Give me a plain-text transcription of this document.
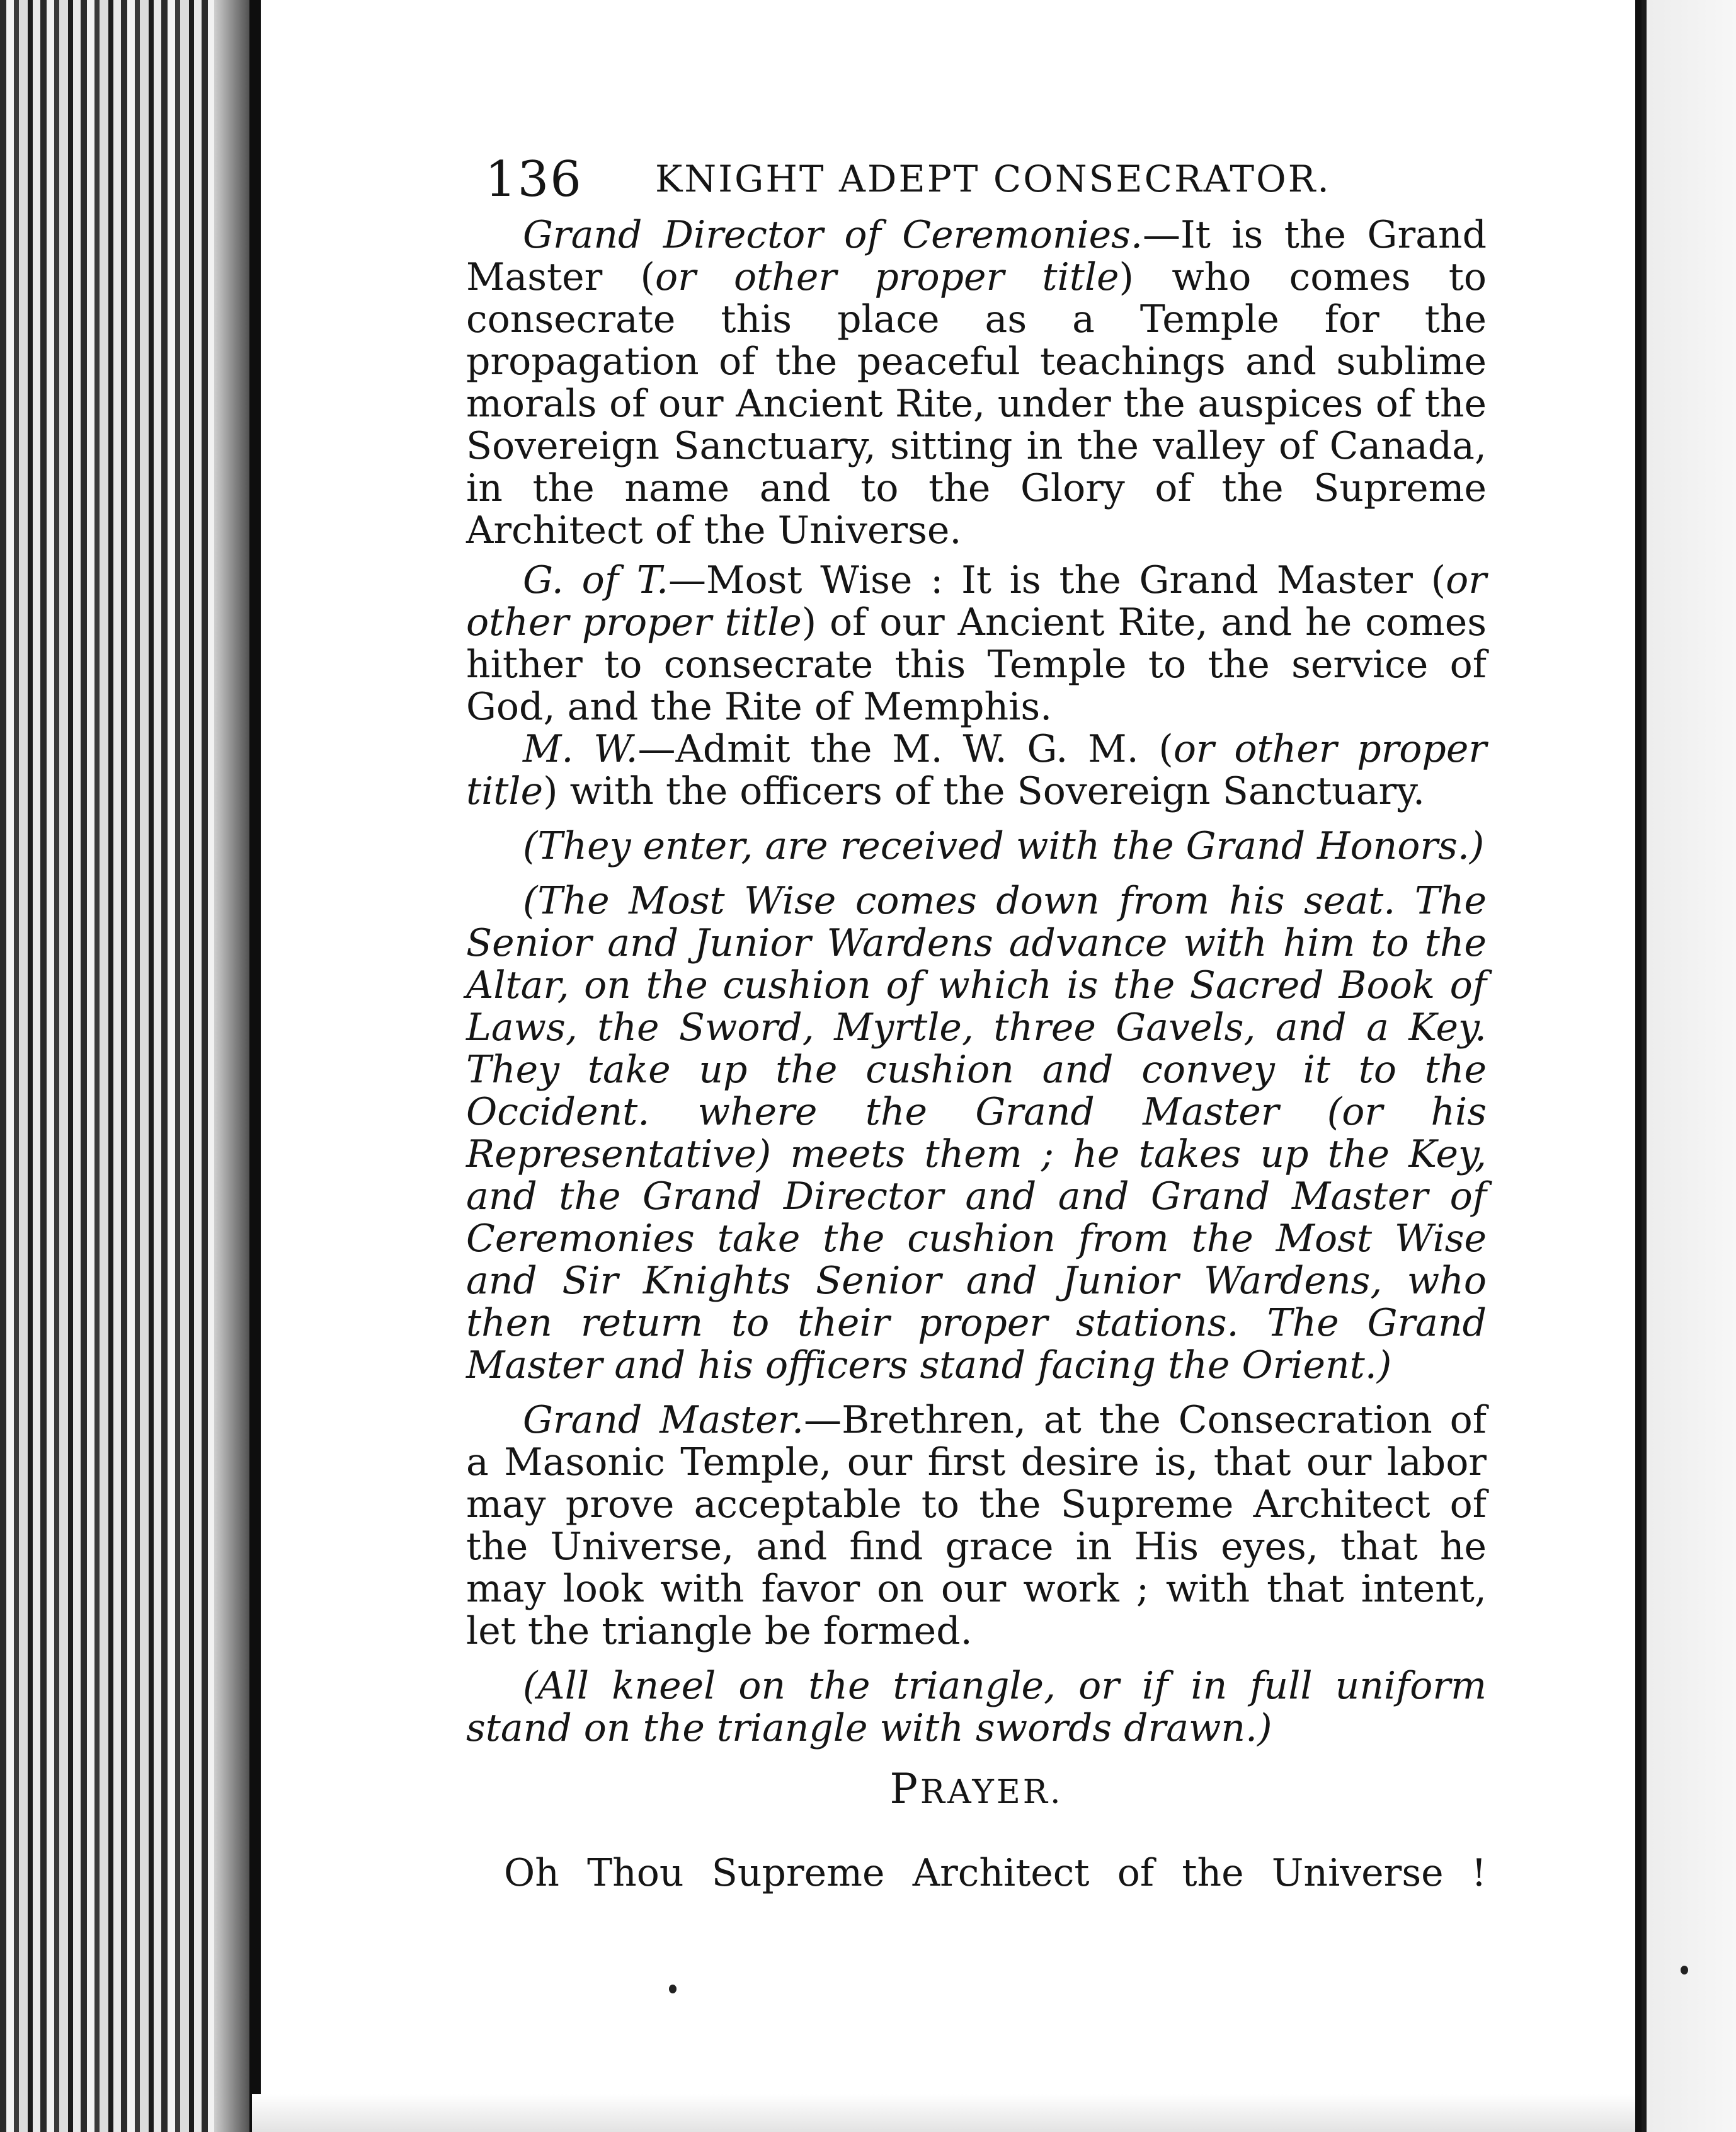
136 KNIGHT ADEPT CONSECRATOR.

Grand Director of Ceremonies.—It is the Grand Master (or other proper title) who comes to consecrate this place as a Temple for the propagation of the peaceful teachings and sublime morals of our Ancient Rite, under the auspices of the Sovereign Sanctuary, sitting in the valley of Canada, in the name and to the Glory of the Supreme Architect of the Universe.

G. of T.—Most Wise : It is the Grand Master (or other proper title) of our Ancient Rite, and he comes hither to consecrate this Temple to the service of God, and the Rite of Memphis.

M. W.—Admit the M. W. G. M. (or other proper title) with the officers of the Sovereign Sanctuary.

(They enter, are received with the Grand Honors.)

(The Most Wise comes down from his seat. The Senior and Junior Wardens advance with him to the Altar, on the cushion of which is the Sacred Book of Laws, the Sword, Myrtle, three Gavels, and a Key. They take up the cushion and convey it to the Occident. where the Grand Master (or his Representative) meets them ; he takes up the Key, and the Grand Director and and Grand Master of Ceremonies take the cushion from the Most Wise and Sir Knights Senior and Junior Wardens, who then return to their proper stations. The Grand Master and his officers stand facing the Orient.)

Grand Master.—Brethren, at the Consecration of a Masonic Temple, our first desire is, that our labor may prove acceptable to the Supreme Architect of the Universe, and find grace in His eyes, that he may look with favor on our work ; with that intent, let the triangle be formed.

(All kneel on the triangle, or if in full uniform stand on the triangle with swords drawn.)

PRAYER.

Oh Thou Supreme Architect of the Universe !
